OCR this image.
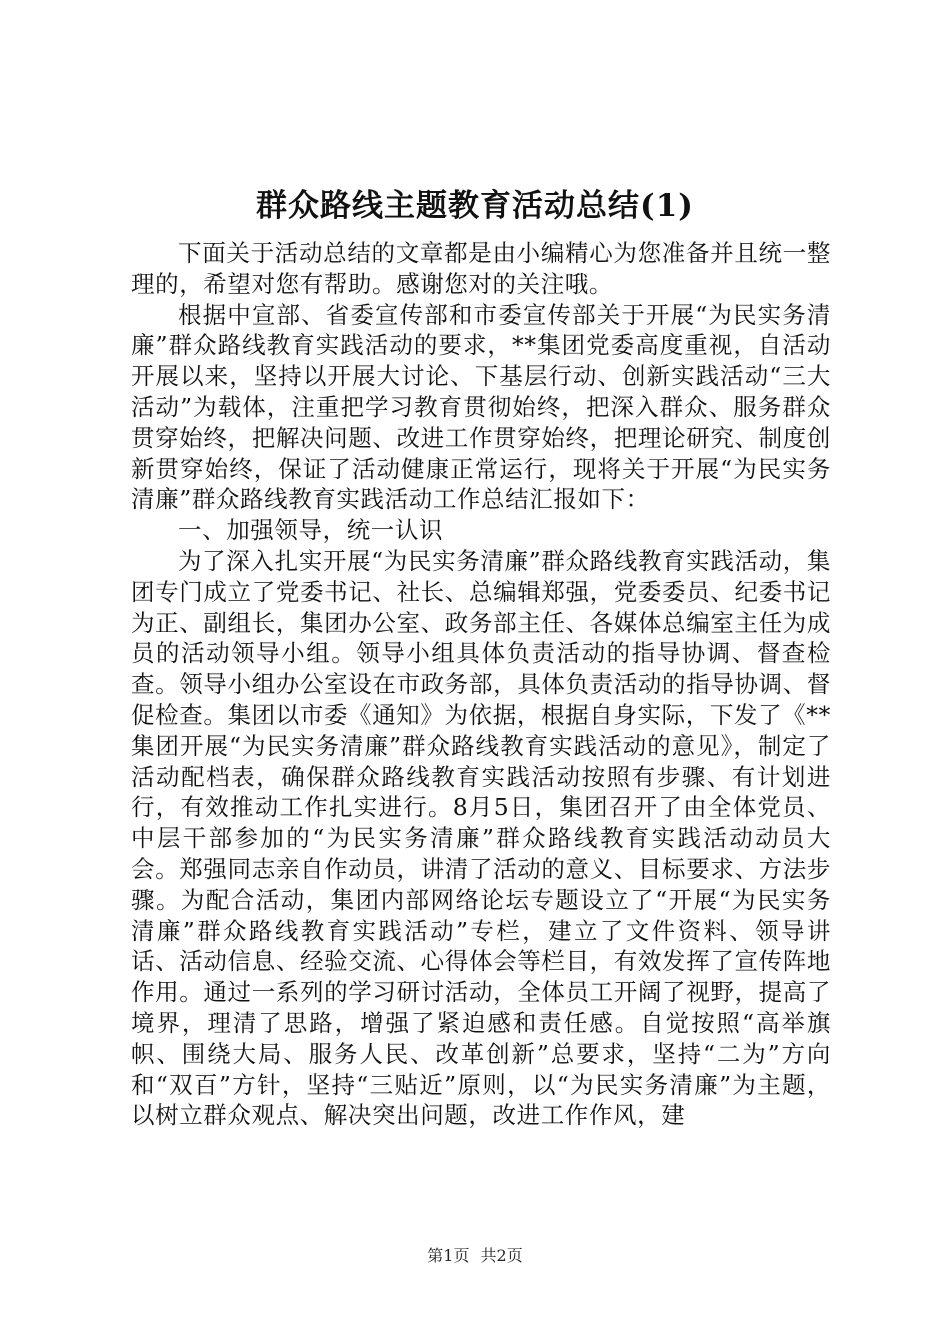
群众路线主题教育活动总结(1)

下面关于活动总结的文章都是由小编精心为您准备并且统一整理的，希望对您有帮助。感谢您对的关注哦。

根据中宣部、省委宣传部和市委宣传部关于开展“为民实务清廉”群众路线教育实践活动的要求，**集团党委高度重视，自活动开展以来，坚持以开展大讨论、下基层行动、创新实践活动“三大活动”为载体，注重把学习教育贯彻始终，把深入群众、服务群众贯穿始终，把解决问题、改进工作贯穿始终，把理论研究、制度创新贯穿始终，保证了活动健康正常运行，现将关于开展“为民实务清廉”群众路线教育实践活动工作总结汇报如下：

一、加强领导，统一认识

为了深入扎实开展“为民实务清廉”群众路线教育实践活动，集团专门成立了党委书记、社长、总编辑郑强，党委委员、纪委书记为正、副组长，集团办公室、政务部主任、各媒体总编室主任为成员的活动领导小组。领导小组具体负责活动的指导协调、督查检查。领导小组办公室设在市政务部，具体负责活动的指导协调、督促检查。集团以市委《通知》为依据，根据自身实际，下发了《**集团开展“为民实务清廉”群众路线教育实践活动的意见》，制定了活动配档表，确保群众路线教育实践活动按照有步骤、有计划进行，有效推动工作扎实进行。8月5日，集团召开了由全体党员、中层干部参加的“为民实务清廉”群众路线教育实践活动动员大会。郑强同志亲自作动员，讲清了活动的意义、目标要求、方法步骤。为配合活动，集团内部网络论坛专题设立了“开展“为民实务清廉”群众路线教育实践活动”专栏，建立了文件资料、领导讲话、活动信息、经验交流、心得体会等栏目，有效发挥了宣传阵地作用。通过一系列的学习研讨活动，全体员工开阔了视野，提高了境界，理清了思路，增强了紧迫感和责任感。自觉按照“高举旗帜、围绕大局、服务人民、改革创新”总要求，坚持“二为”方向和“双百”方针，坚持“三贴近”原则，以“为民实务清廉”为主题，以树立群众观点、解决突出问题，改进工作作风，建

第1页 共2页
